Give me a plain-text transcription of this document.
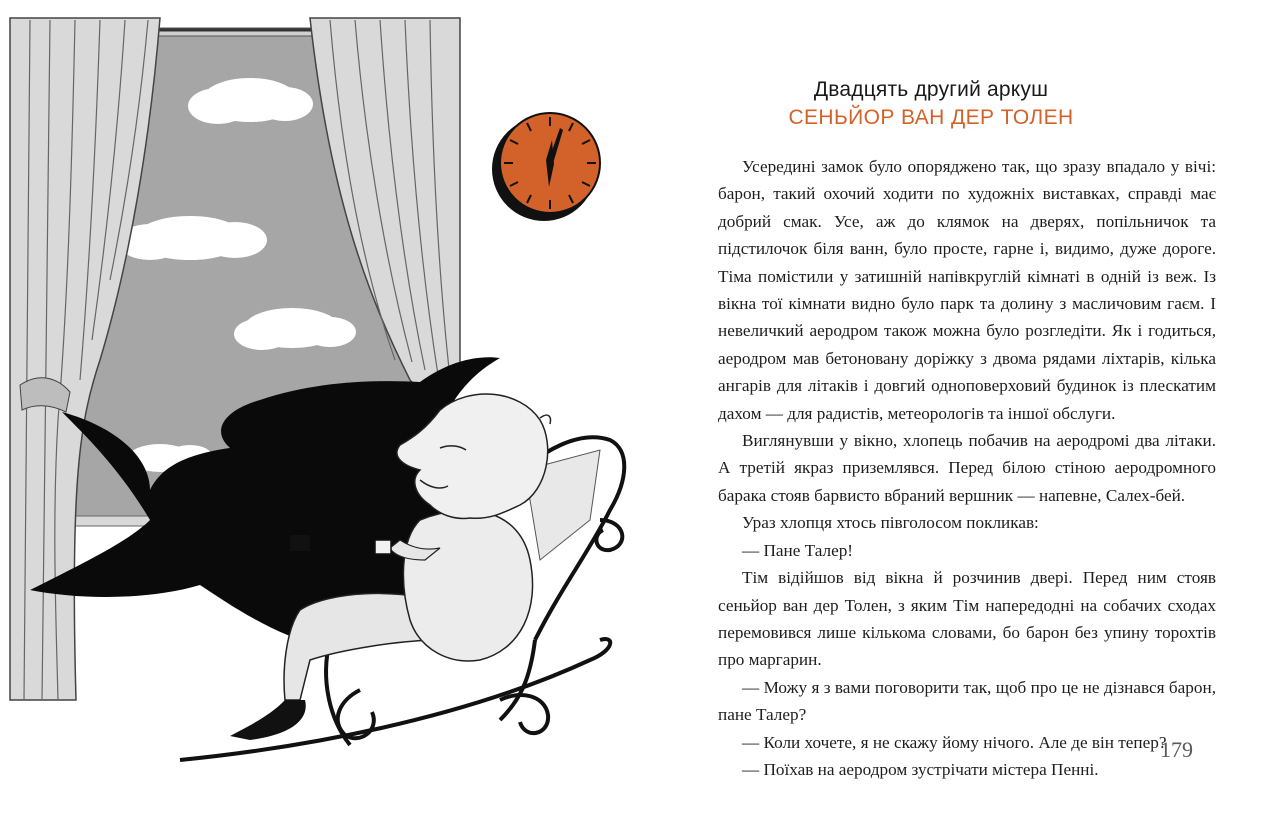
Двадцять другий аркуш
СЕНЬЙОР ВАН ДЕР ТОЛЕН

Усередині замок було опоряджено так, що зразу впадало у вічі: барон, такий охочий ходити по художніх виставках, справді має добрий смак. Усе, аж до клямок на дверях, попільничок та підстилочок біля ванн, було просте, гарне і, видимо, дуже дороге. Тіма помістили у затишній напівкруглій кімнаті в одній із веж. Із вікна тої кімнати видно було парк та долину з масличовим гаєм. І невеличкий аеродром також можна було розгледіти. Як і годиться, аеродром мав бетоновану доріжку з двома рядами ліхтарів, кілька ангарів для літаків і довгий одноповерховий будинок із плескатим дахом — для радистів, метеорологів та іншої обслуги.

Виглянувши у вікно, хлопець побачив на аеродромі два літаки. А третій якраз приземлявся. Перед білою стіною аеродромного барака стояв барвисто вбраний вершник — напевне, Салех-бей.

Ураз хлопця хтось півголосом покликав:

— Пане Талер!

Тім відійшов від вікна й розчинив двері. Перед ним стояв сеньйор ван дер Толен, з яким Тім напередодні на собачих сходах перемовився лише кількома словами, бо барон без упину торохтів про маргарин.

— Можу я з вами поговорити так, щоб про це не дізнався барон, пане Талер?

— Коли хочете, я не скажу йому нічого. Але де він тепер?

— Поїхав на аеродром зустрічати містера Пенні.

179
